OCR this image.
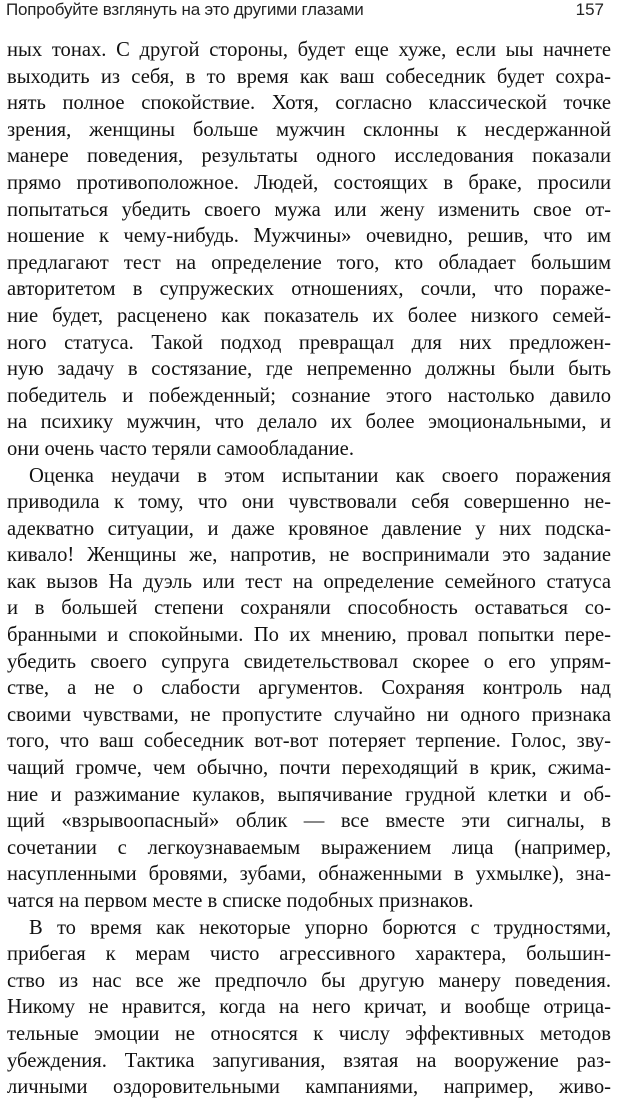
Попробуйте взглянуть на это другими глазами	157
ных тонах. С другой стороны, будет еще хуже, если ыы начнете
выходить из себя, в то время как ваш собеседник будет сохра-
нять полное спокойствие. Хотя, согласно классической точке
зрения, женщины больше мужчин склонны к несдержанной
манере поведения, результаты одного исследования показали
прямо противоположное. Людей, состоящих в браке, просили
попытаться убедить своего мужа или жену изменить свое от-
ношение к чему-нибудь. Мужчины» очевидно, решив, что им
предлагают тест на определение того, кто обладает большим
авторитетом в супружеских отношениях, сочли, что пораже-
ние будет, расценено как показатель их более низкого семей-
ного статуса. Такой подход превращал для них предложен-
ную задачу в состязание, где непременно должны были быть
победитель и побежденный; сознание этого настолько давило
на психику мужчин, что делало их более эмоциональными, и
они очень часто теряли самообладание.
Оценка неудачи в этом испытании как своего поражения
приводила к тому, что они чувствовали себя совершенно не-
адекватно ситуации, и даже кровяное давление у них подска-
кивало! Женщины же, напротив, не воспринимали это задание
как вызов На дуэль или тест на определение семейного статуса
и в большей степени сохраняли способность оставаться со-
бранными и спокойными. По их мнению, провал попытки пере-
убедить своего супруга свидетельствовал скорее о его упрям-
стве, а не о слабости аргументов. Сохраняя контроль над
своими чувствами, не пропустите случайно ни одного признака
того, что ваш собеседник вот-вот потеряет терпение. Голос, зву-
чащий громче, чем обычно, почти переходящий в крик, сжима-
ние и разжимание кулаков, выпячивание грудной клетки и об-
щий «взрывоопасный» облик — все вместе эти сигналы, в
сочетании с легкоузнаваемым выражением лица (например,
насупленными бровями, зубами, обнаженными в ухмылке), зна-
чатся на первом месте в списке подобных признаков.
В то время как некоторые упорно борются с трудностями,
прибегая к мерам чисто агрессивного характера, большин-
ство из нас все же предпочло бы другую манеру поведения.
Никому не нравится, когда на него кричат, и вообще отрица-
тельные эмоции не относятся к числу эффективных методов
убеждения. Тактика запугивания, взятая на вооружение раз-
личными оздоровительными кампаниями, например, живо-
